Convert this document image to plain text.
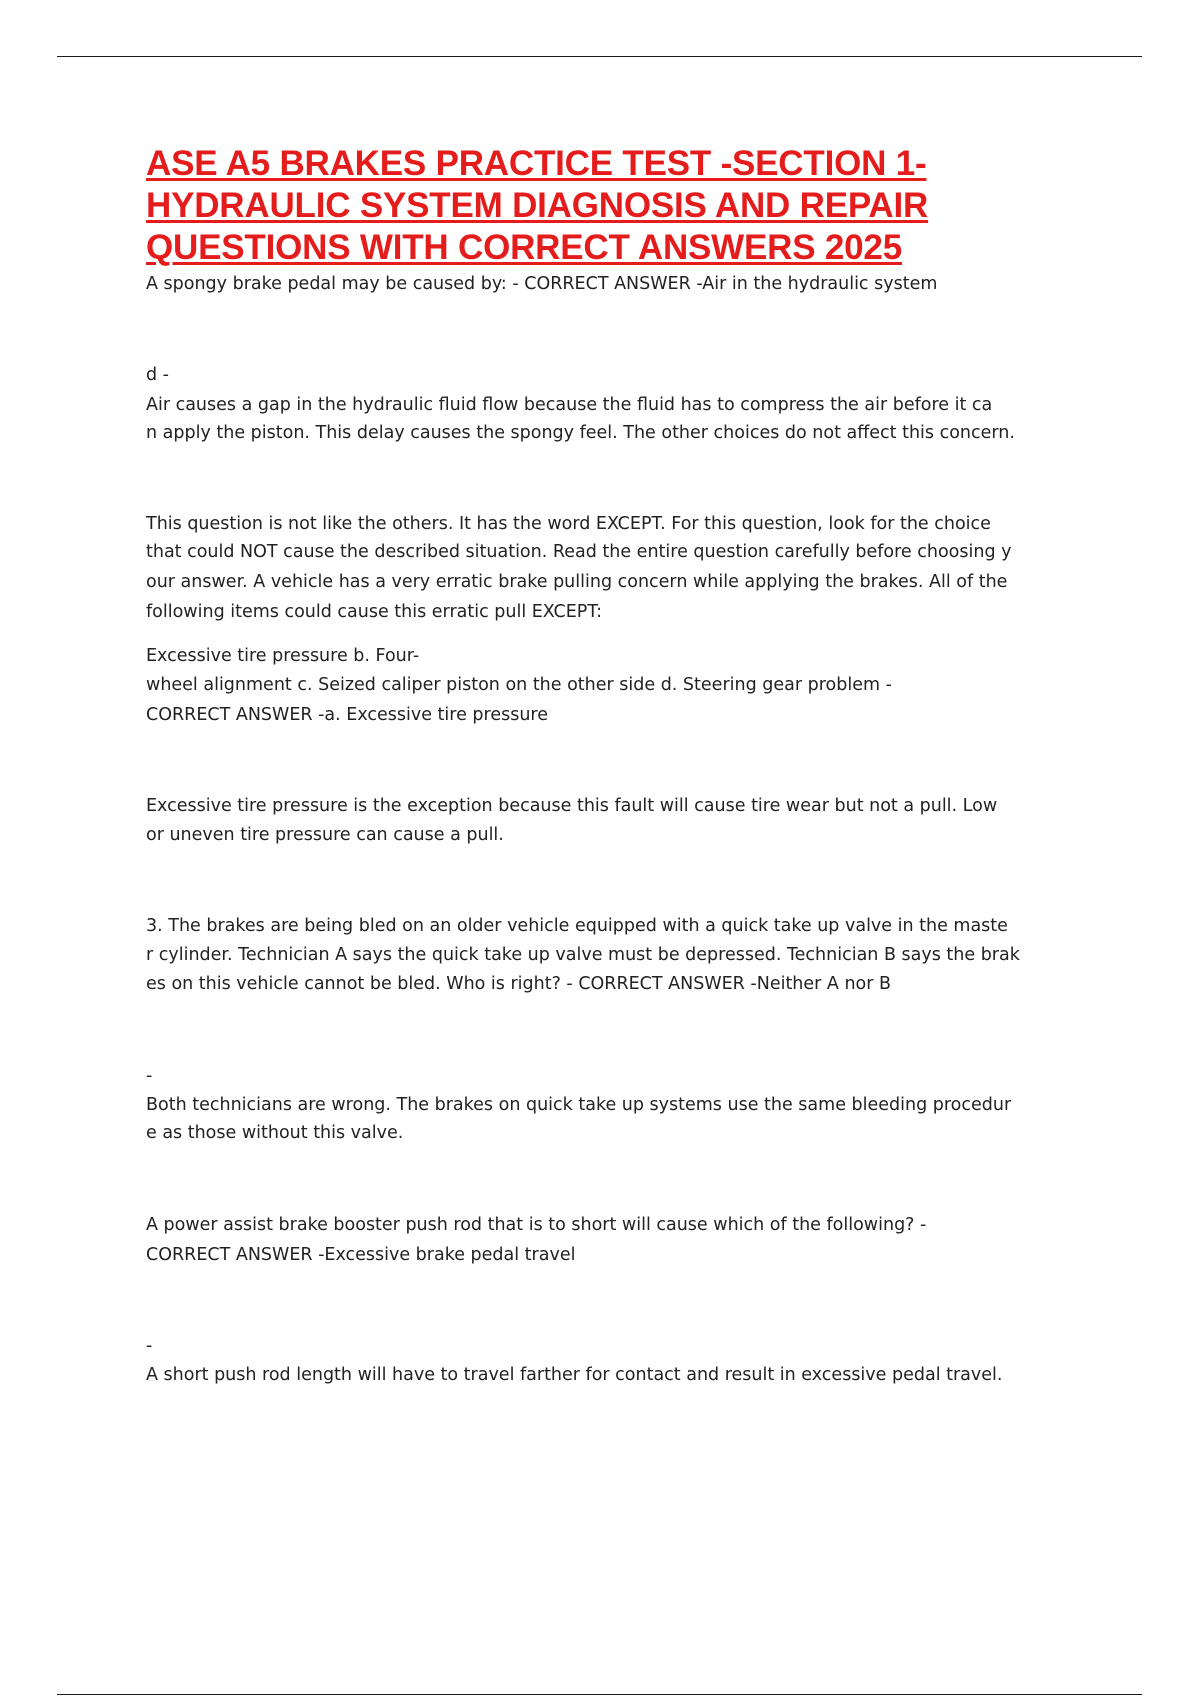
ASE A5 BRAKES PRACTICE TEST -SECTION 1-
HYDRAULIC SYSTEM DIAGNOSIS AND REPAIR
QUESTIONS WITH CORRECT ANSWERS 2025

A spongy brake pedal may be caused by: - CORRECT ANSWER -Air in the hydraulic system

d -

Air causes a gap in the hydraulic fluid flow because the fluid has to compress the air before it ca

n apply the piston. This delay causes the spongy feel. The other choices do not affect this concern.

This question is not like the others. It has the word EXCEPT. For this question, look for the choice

that could NOT cause the described situation. Read the entire question carefully before choosing y

our answer. A vehicle has a very erratic brake pulling concern while applying the brakes. All of the

following items could cause this erratic pull EXCEPT:

Excessive tire pressure b. Four-

wheel alignment c. Seized caliper piston on the other side d. Steering gear problem -

CORRECT ANSWER -a. Excessive tire pressure

Excessive tire pressure is the exception because this fault will cause tire wear but not a pull. Low

or uneven tire pressure can cause a pull.

3. The brakes are being bled on an older vehicle equipped with a quick take up valve in the maste

r cylinder. Technician A says the quick take up valve must be depressed. Technician B says the brak

es on this vehicle cannot be bled. Who is right? - CORRECT ANSWER -Neither A nor B

-

Both technicians are wrong. The brakes on quick take up systems use the same bleeding procedur

e as those without this valve.

A power assist brake booster push rod that is to short will cause which of the following? -

CORRECT ANSWER -Excessive brake pedal travel

-

A short push rod length will have to travel farther for contact and result in excessive pedal travel.
